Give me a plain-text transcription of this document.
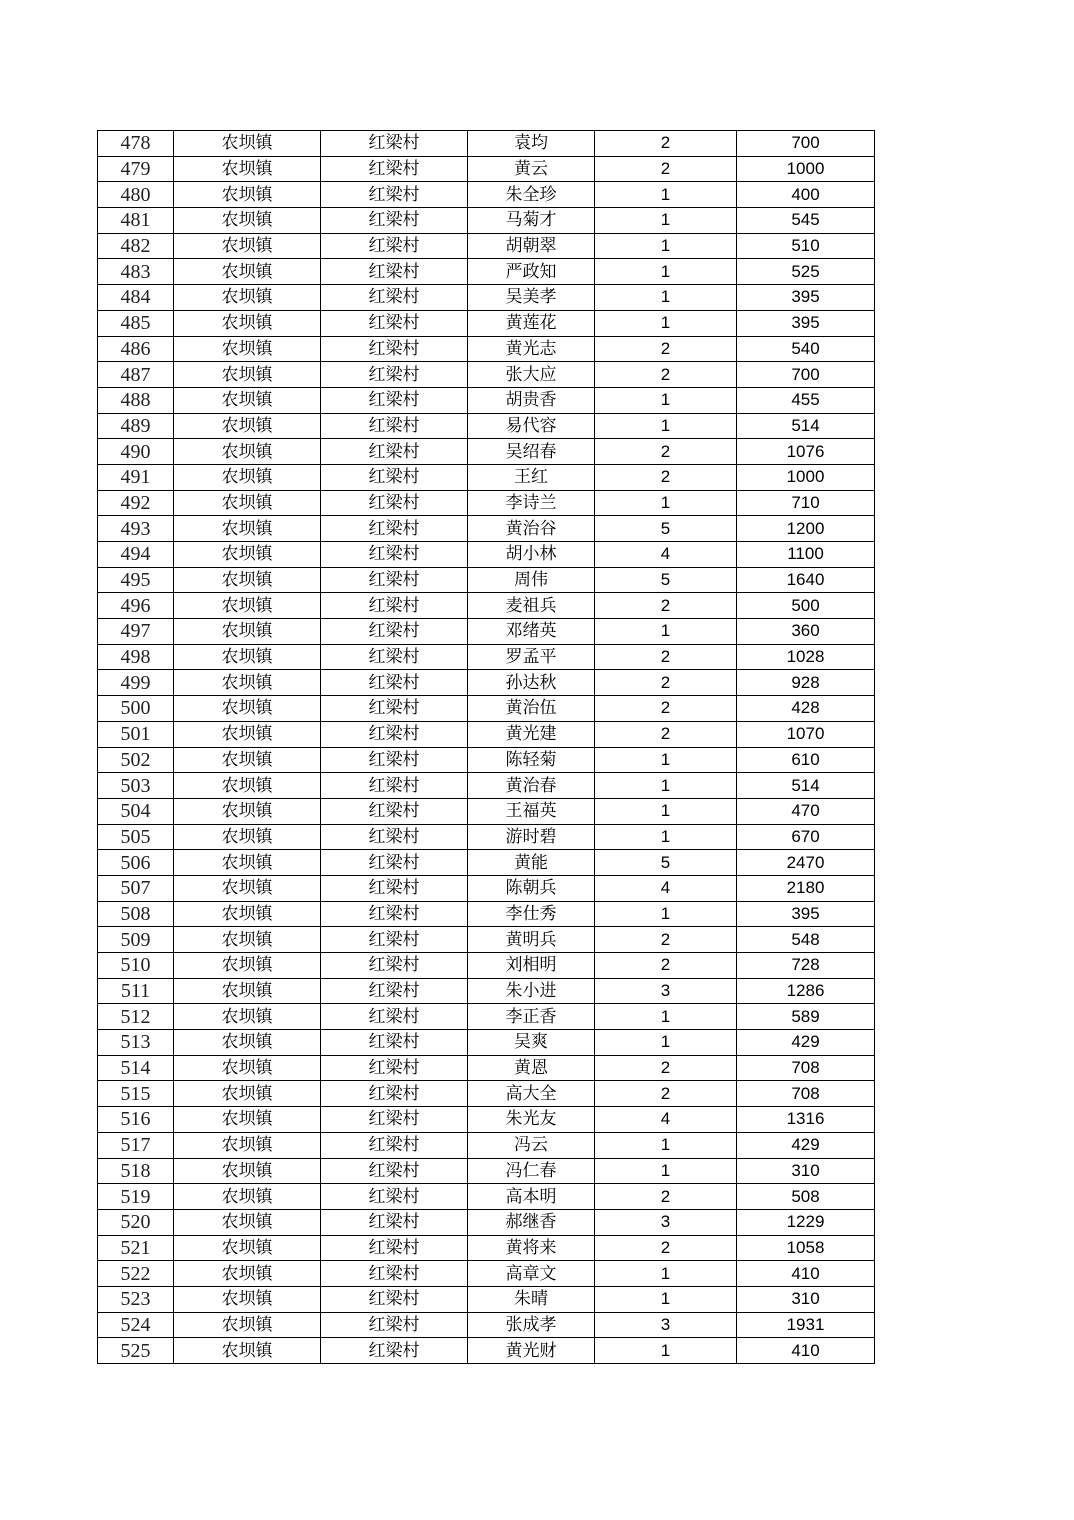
478	农坝镇	红梁村	袁均	2	700
479	农坝镇	红梁村	黄云	2	1000
480	农坝镇	红梁村	朱全珍	1	400
481	农坝镇	红梁村	马菊才	1	545
482	农坝镇	红梁村	胡朝翠	1	510
483	农坝镇	红梁村	严政知	1	525
484	农坝镇	红梁村	吴美孝	1	395
485	农坝镇	红梁村	黄莲花	1	395
486	农坝镇	红梁村	黄光志	2	540
487	农坝镇	红梁村	张大应	2	700
488	农坝镇	红梁村	胡贵香	1	455
489	农坝镇	红梁村	易代容	1	514
490	农坝镇	红梁村	吴绍春	2	1076
491	农坝镇	红梁村	王红	2	1000
492	农坝镇	红梁村	李诗兰	1	710
493	农坝镇	红梁村	黄治谷	5	1200
494	农坝镇	红梁村	胡小林	4	1100
495	农坝镇	红梁村	周伟	5	1640
496	农坝镇	红梁村	麦祖兵	2	500
497	农坝镇	红梁村	邓绪英	1	360
498	农坝镇	红梁村	罗孟平	2	1028
499	农坝镇	红梁村	孙达秋	2	928
500	农坝镇	红梁村	黄治伍	2	428
501	农坝镇	红梁村	黄光建	2	1070
502	农坝镇	红梁村	陈轻菊	1	610
503	农坝镇	红梁村	黄治春	1	514
504	农坝镇	红梁村	王福英	1	470
505	农坝镇	红梁村	游时碧	1	670
506	农坝镇	红梁村	黄能	5	2470
507	农坝镇	红梁村	陈朝兵	4	2180
508	农坝镇	红梁村	李仕秀	1	395
509	农坝镇	红梁村	黄明兵	2	548
510	农坝镇	红梁村	刘相明	2	728
511	农坝镇	红梁村	朱小进	3	1286
512	农坝镇	红梁村	李正香	1	589
513	农坝镇	红梁村	吴爽	1	429
514	农坝镇	红梁村	黄恩	2	708
515	农坝镇	红梁村	高大全	2	708
516	农坝镇	红梁村	朱光友	4	1316
517	农坝镇	红梁村	冯云	1	429
518	农坝镇	红梁村	冯仁春	1	310
519	农坝镇	红梁村	高本明	2	508
520	农坝镇	红梁村	郝继香	3	1229
521	农坝镇	红梁村	黄将来	2	1058
522	农坝镇	红梁村	高章文	1	410
523	农坝镇	红梁村	朱晴	1	310
524	农坝镇	红梁村	张成孝	3	1931
525	农坝镇	红梁村	黄光财	1	410
